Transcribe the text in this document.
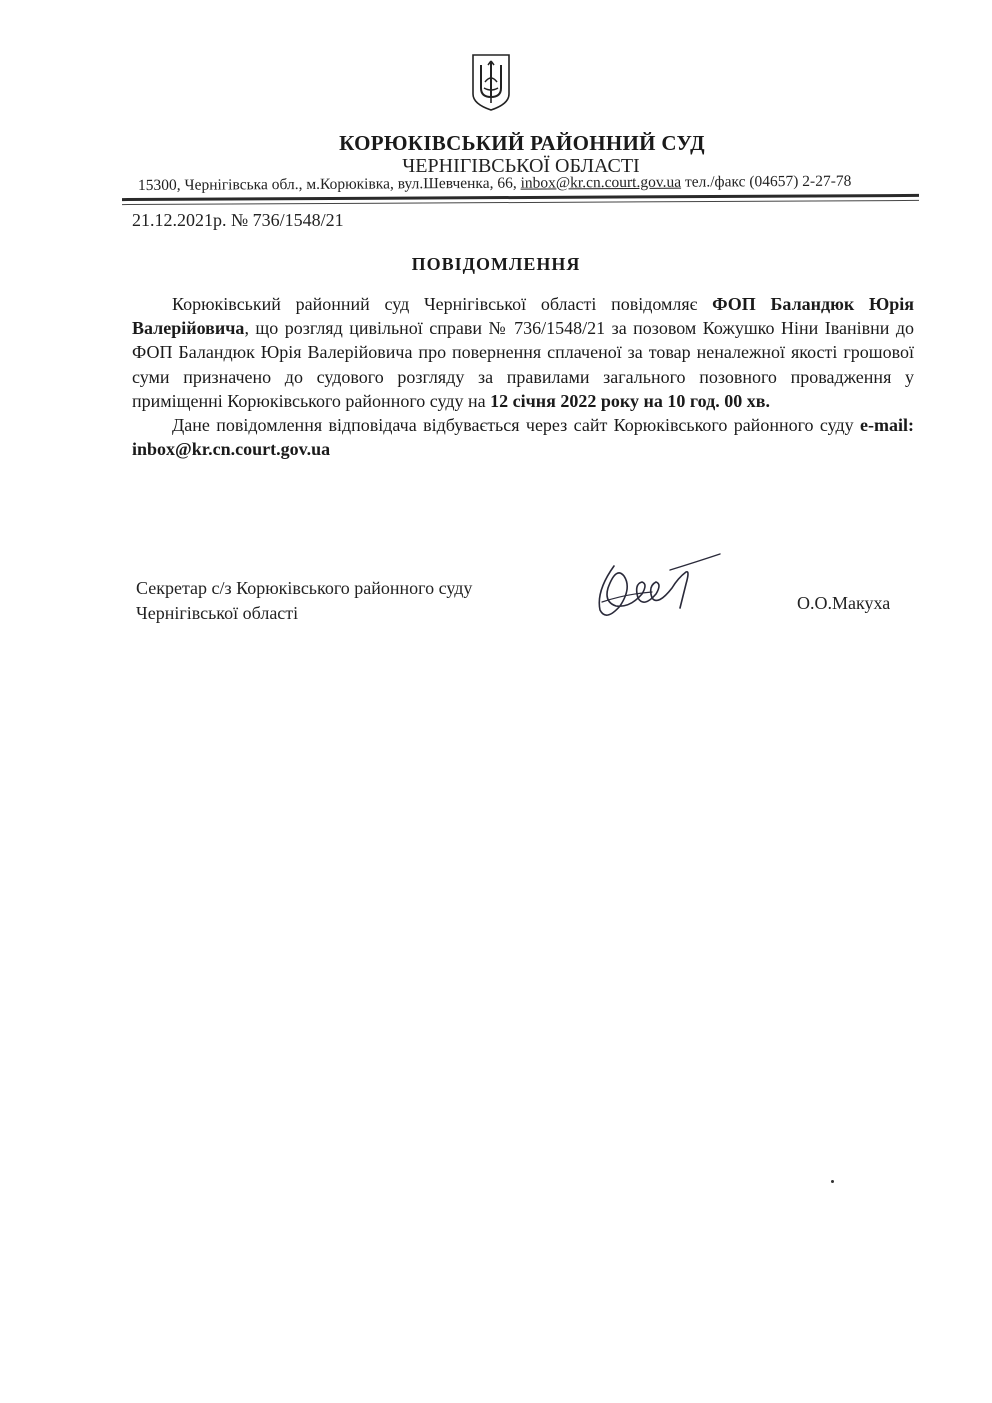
КОРЮКІВСЬКИЙ РАЙОННИЙ СУД
ЧЕРНІГІВСЬКОЇ ОБЛАСТІ
15300, Чернігівська обл., м.Корюківка, вул.Шевченка, 66, inbox@kr.cn.court.gov.ua тел./факс (04657) 2-27-78
21.12.2021р. № 736/1548/21
ПОВІДОМЛЕННЯ

Корюківський районний суд Чернігівської області повідомляє ФОП Баландюк Юрія Валерійовича, що розгляд цивільної справи № 736/1548/21 за позовом Кожушко Ніни Іванівни до ФОП Баландюк Юрія Валерійовича про повернення сплаченої за товар неналежної якості грошової суми призначено до судового розгляду за правилами загального позовного провадження у приміщенні Корюківського районного суду на 12 січня 2022 року на 10 год. 00 хв.

Дане повідомлення відповідача відбувається через сайт Корюківського районного суду e-mail: inbox@kr.cn.court.gov.ua

Секретар с/з Корюківського районного суду
Чернігівської області	О.О.Макуха
